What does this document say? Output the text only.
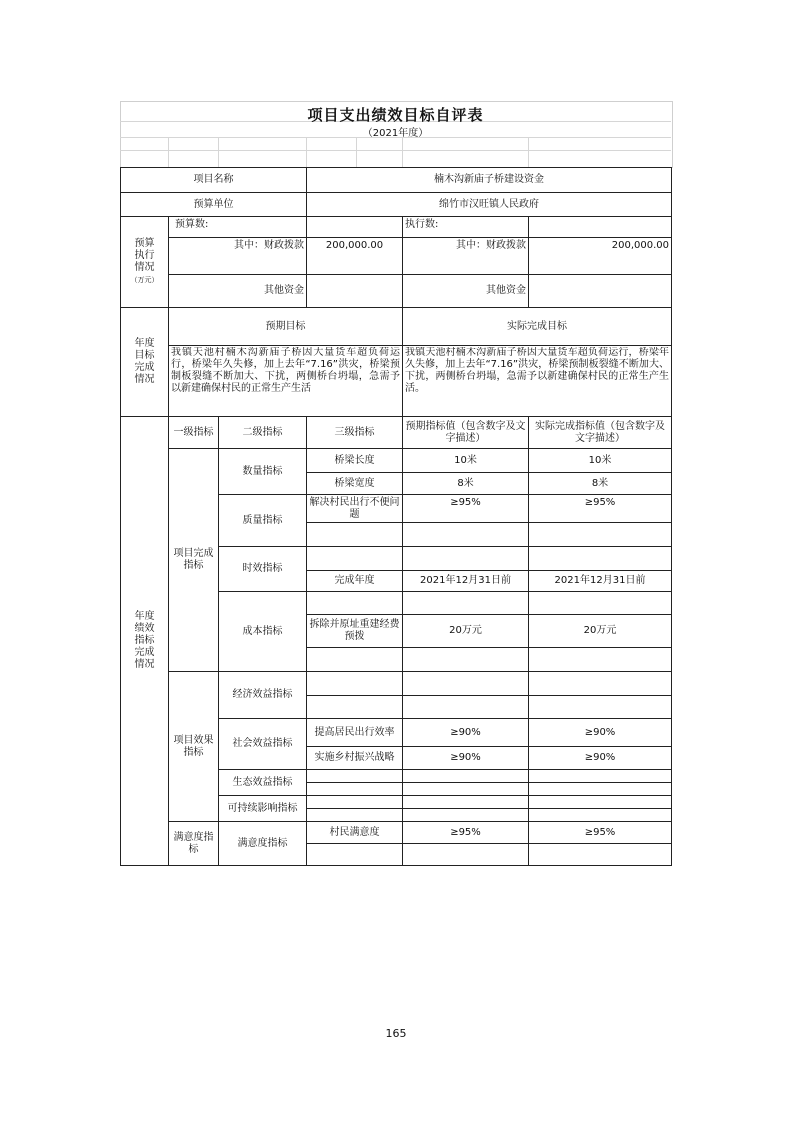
项目支出绩效目标自评表
（2021年度）
项目名称			楠木沟新庙子桥建设资金		
预算单位			绵竹市汉旺镇人民政府		

预算
执行
情况
（万元）	预算数:			执行数:	
	其中：财政拨款		200,000.00	其中：财政拨款	200,000.00
	其他资金			其他资金	

年度
目标
完成
情况	预期目标			实际完成目标	

	我镇天池村楠木沟新庙子桥因大量货车超负荷运行，桥梁年久失修，加上去年“7.16”洪灾，桥梁预制板裂缝不断加大、下扰，两侧桥台坍塌，急需予以新建确保村民的正常生产生活			我镇天池村楠木沟新庙子桥因大量货车超负荷运行，桥梁年久失修，加上去年“7.16”洪灾，桥梁预制板裂缝不断加大、下扰，两侧桥台坍塌，急需予以新建确保村民的正常生产生活。	

年度
绩效
指标
完成
情况	一级指标	二级指标	三级指标	预期指标值（包含数字及文字描述）	实际完成指标值（包含数字及文字描述）
	项目完成指标	数量指标	桥梁长度	10米	10米
			桥梁宽度	8米	8米
		质量指标	解决村民出行不便问题	≥95%	≥95%

		时效指标			
			完成年度	2021年12月31日前	2021年12月31日前
		成本指标			
			拆除并原址重建经费预拨	20万元	20万元

	项目效果指标	经济效益指标			

		社会效益指标	提高居民出行效率	≥90%	≥90%
			实施乡村振兴战略	≥90%	≥90%
		生态效益指标			

		可持续影响指标			

	满意度指标	满意度指标	村民满意度	≥95%	≥95%

165
